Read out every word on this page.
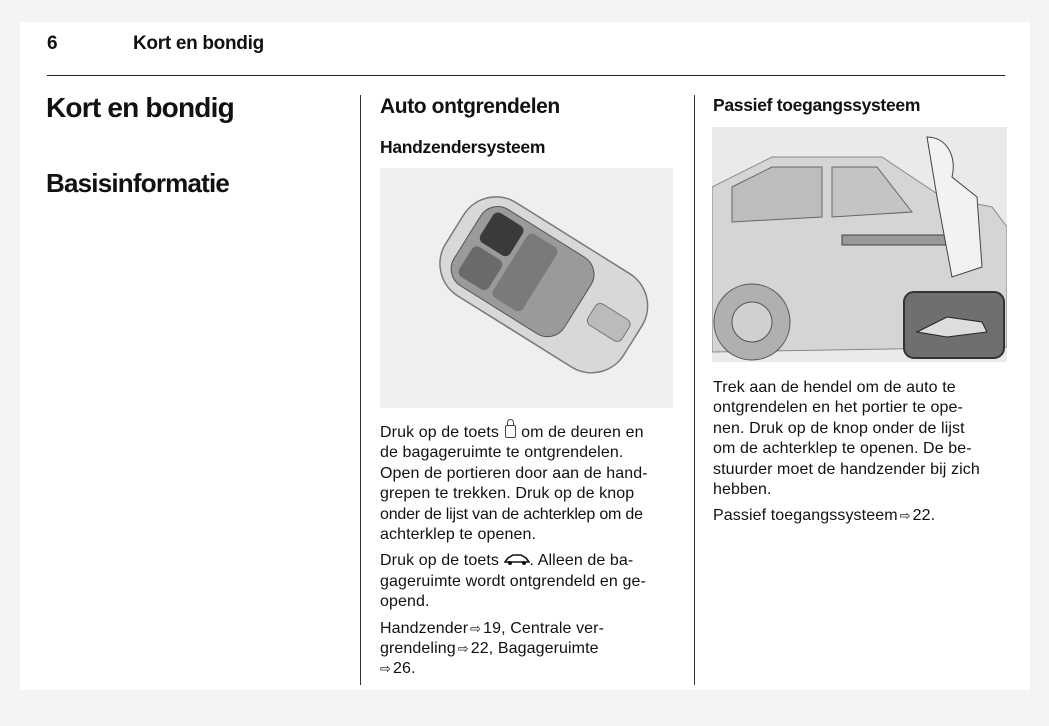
6	Kort en bondig
Kort en bondig
Basisinformatie
Auto ontgrendelen
Handzendersysteem
Druk op de toets  om de deuren en
de bagageruimte te ontgrendelen.
Open de portieren door aan de hand-
grepen te trekken. Druk op de knop
onder de lijst van de achterklep om de
achterklep te openen.
Druk op de toets . Alleen de ba-
gageruimte wordt ontgrendeld en ge-
opend.
Handzender ⇨ 19, Centrale ver-
grendeling ⇨ 22, Bagageruimte
⇨ 26.
Passief toegangssysteem
Trek aan de hendel om de auto te
ontgrendelen en het portier te ope-
nen. Druk op de knop onder de lijst
om de achterklep te openen. De be-
stuurder moet de handzender bij zich
hebben.
Passief toegangssysteem ⇨ 22.
